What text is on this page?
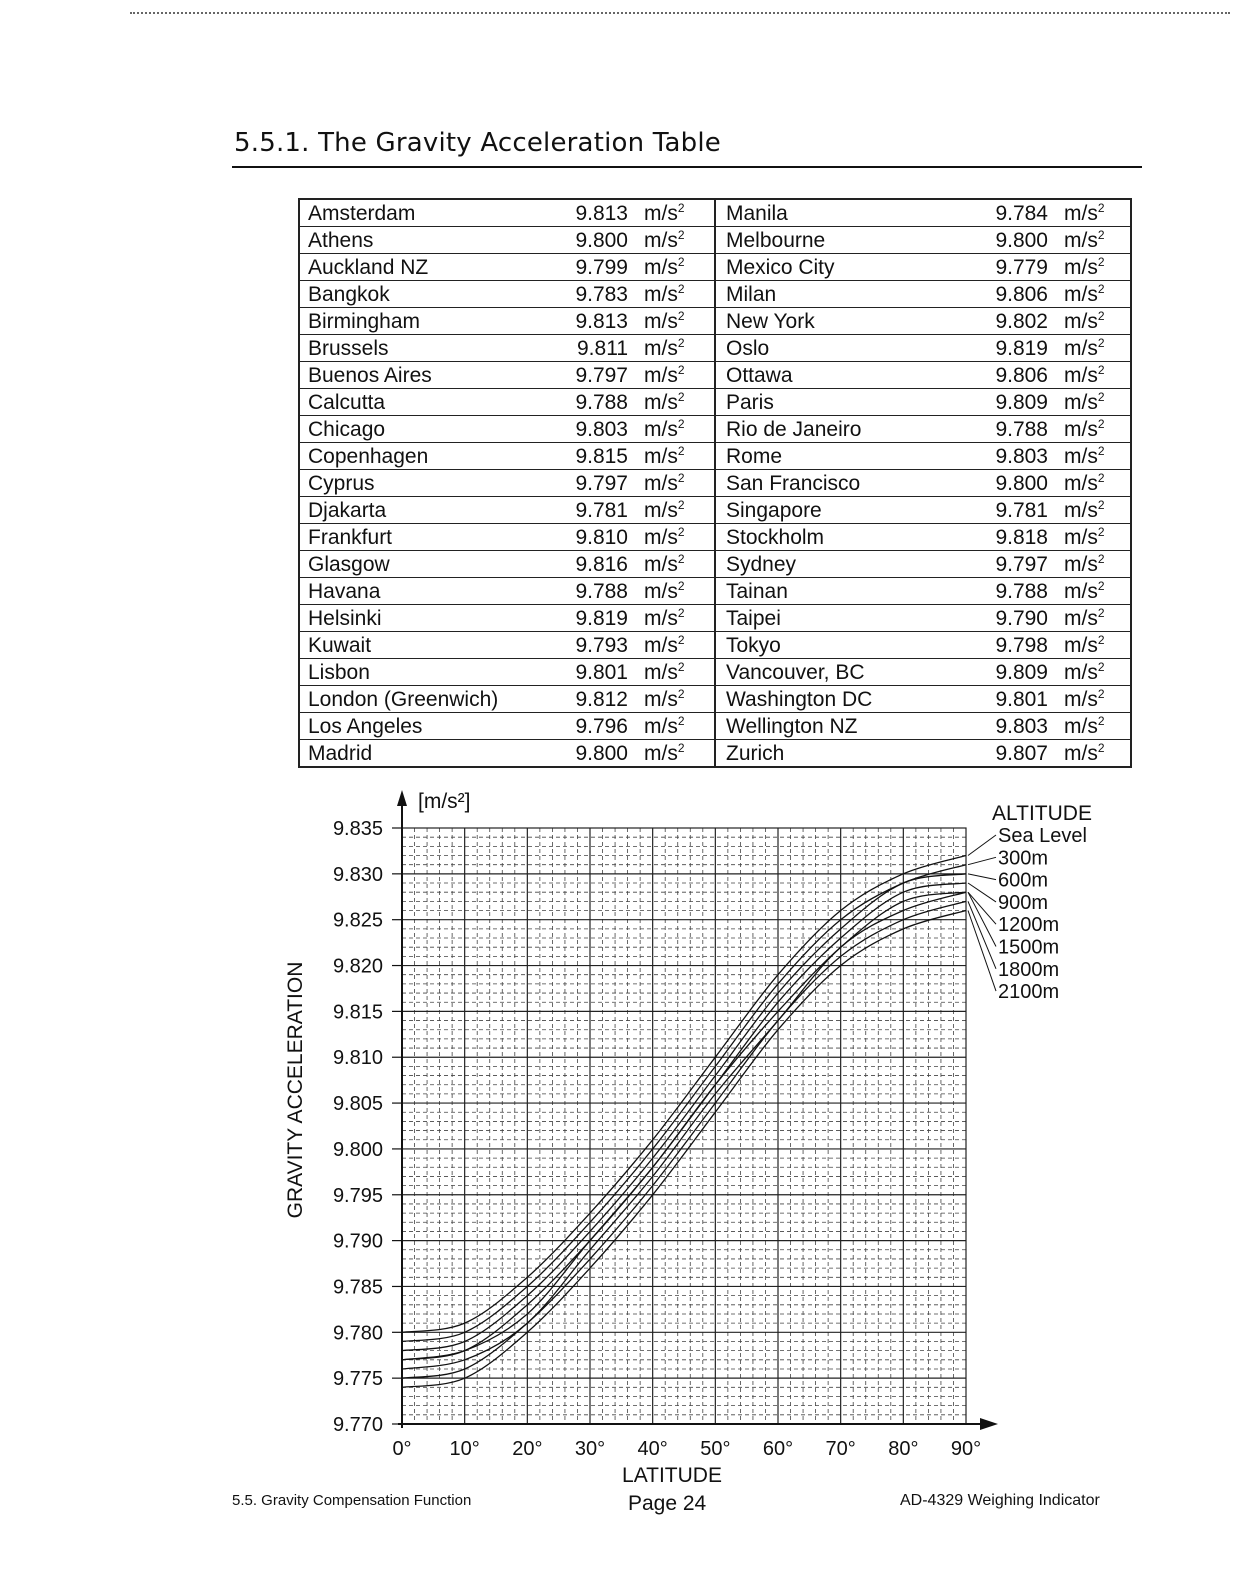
5.5.1. The Gravity Acceleration Table
Amsterdam	9.813 $m/s^2$
Athens	9.800 $m/s^2$
Auckland NZ	9.799 $m/s^2$
Bangkok	9.783 $m/s^2$
Birmingham	9.813 $m/s^2$
Brussels	9.811 $m/s^2$
Buenos Aires	9.797 $m/s^2$
Calcutta	9.788 $m/s^2$
Chicago	9.803 $m/s^2$
Copenhagen	9.815 $m/s^2$
Cyprus	9.797 $m/s^2$
Djakarta	9.781 $m/s^2$
Frankfurt	9.810 $m/s^2$
Glasgow	9.816 $m/s^2$
Havana	9.788 $m/s^2$
Helsinki	9.819 $m/s^2$
Kuwait	9.793 $m/s^2$
Lisbon	9.801 $m/s^2$
London (Greenwich)	9.812 $m/s^2$
Los Angeles	9.796 $m/s^2$
Madrid	9.800 $m/s^2$
Manila	9.784 $m/s^2$
Melbourne	9.800 $m/s^2$
Mexico City	9.779 $m/s^2$
Milan	9.806 $m/s^2$
New York	9.802 $m/s^2$
Oslo	9.819 $m/s^2$
Ottawa	9.806 $m/s^2$
Paris	9.809 $m/s^2$
Rio de Janeiro	9.788 $m/s^2$
Rome	9.803 $m/s^2$
San Francisco	9.800 $m/s^2$
Singapore	9.781 $m/s^2$
Stockholm	9.818 $m/s^2$
Sydney	9.797 $m/s^2$
Tainan	9.788 $m/s^2$
Taipei	9.790 $m/s^2$
Tokyo	9.798 $m/s^2$
Vancouver, BC	9.809 $m/s^2$
Washington DC	9.801 $m/s^2$
Wellington NZ	9.803 $m/s^2$
Zurich	9.807 $m/s^2$
9.835
9.830
9.825
9.820
9.815
9.810
9.805
9.800
9.795
9.790
9.785
9.780
9.775
9.770
0° 10° 20° 30° 40° 50° 60° 70° 80° 90°
LATITUDE
GRAVITY ACCELERATION
[m/s²]
ALTITUDE
Sea Level
300m
600m
900m
1200m
1500m
1800m
2100m

5.5. Gravity Compensation Function	Page 24	AD-4329 Weighing Indicator
